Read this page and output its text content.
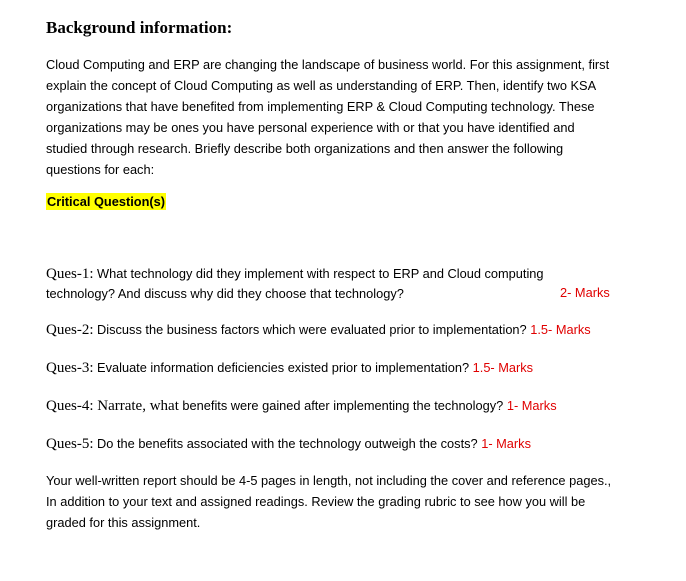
Background information:
Cloud Computing and ERP are changing the landscape of business world. For this assignment, first
explain the concept of Cloud Computing as well as understanding of ERP. Then, identify two KSA
organizations that have benefited from implementing ERP & Cloud Computing technology. These
organizations may be ones you have personal experience with or that you have identified and
studied through research. Briefly describe both organizations and then answer the following
questions for each:
Critical Question(s)
Ques-1: What technology did they implement with respect to ERP and Cloud computing
technology? And discuss why did they choose that technology?	2- Marks
Ques-2: Discuss the business factors which were evaluated prior to implementation? 1.5- Marks
Ques-3: Evaluate information deficiencies existed prior to implementation? 1.5- Marks
Ques-4: Narrate, what benefits were gained after implementing the technology? 1- Marks
Ques-5: Do the benefits associated with the technology outweigh the costs? 1- Marks
Your well-written report should be 4-5 pages in length, not including the cover and reference pages.,
In addition to your text and assigned readings. Review the grading rubric to see how you will be
graded for this assignment.
